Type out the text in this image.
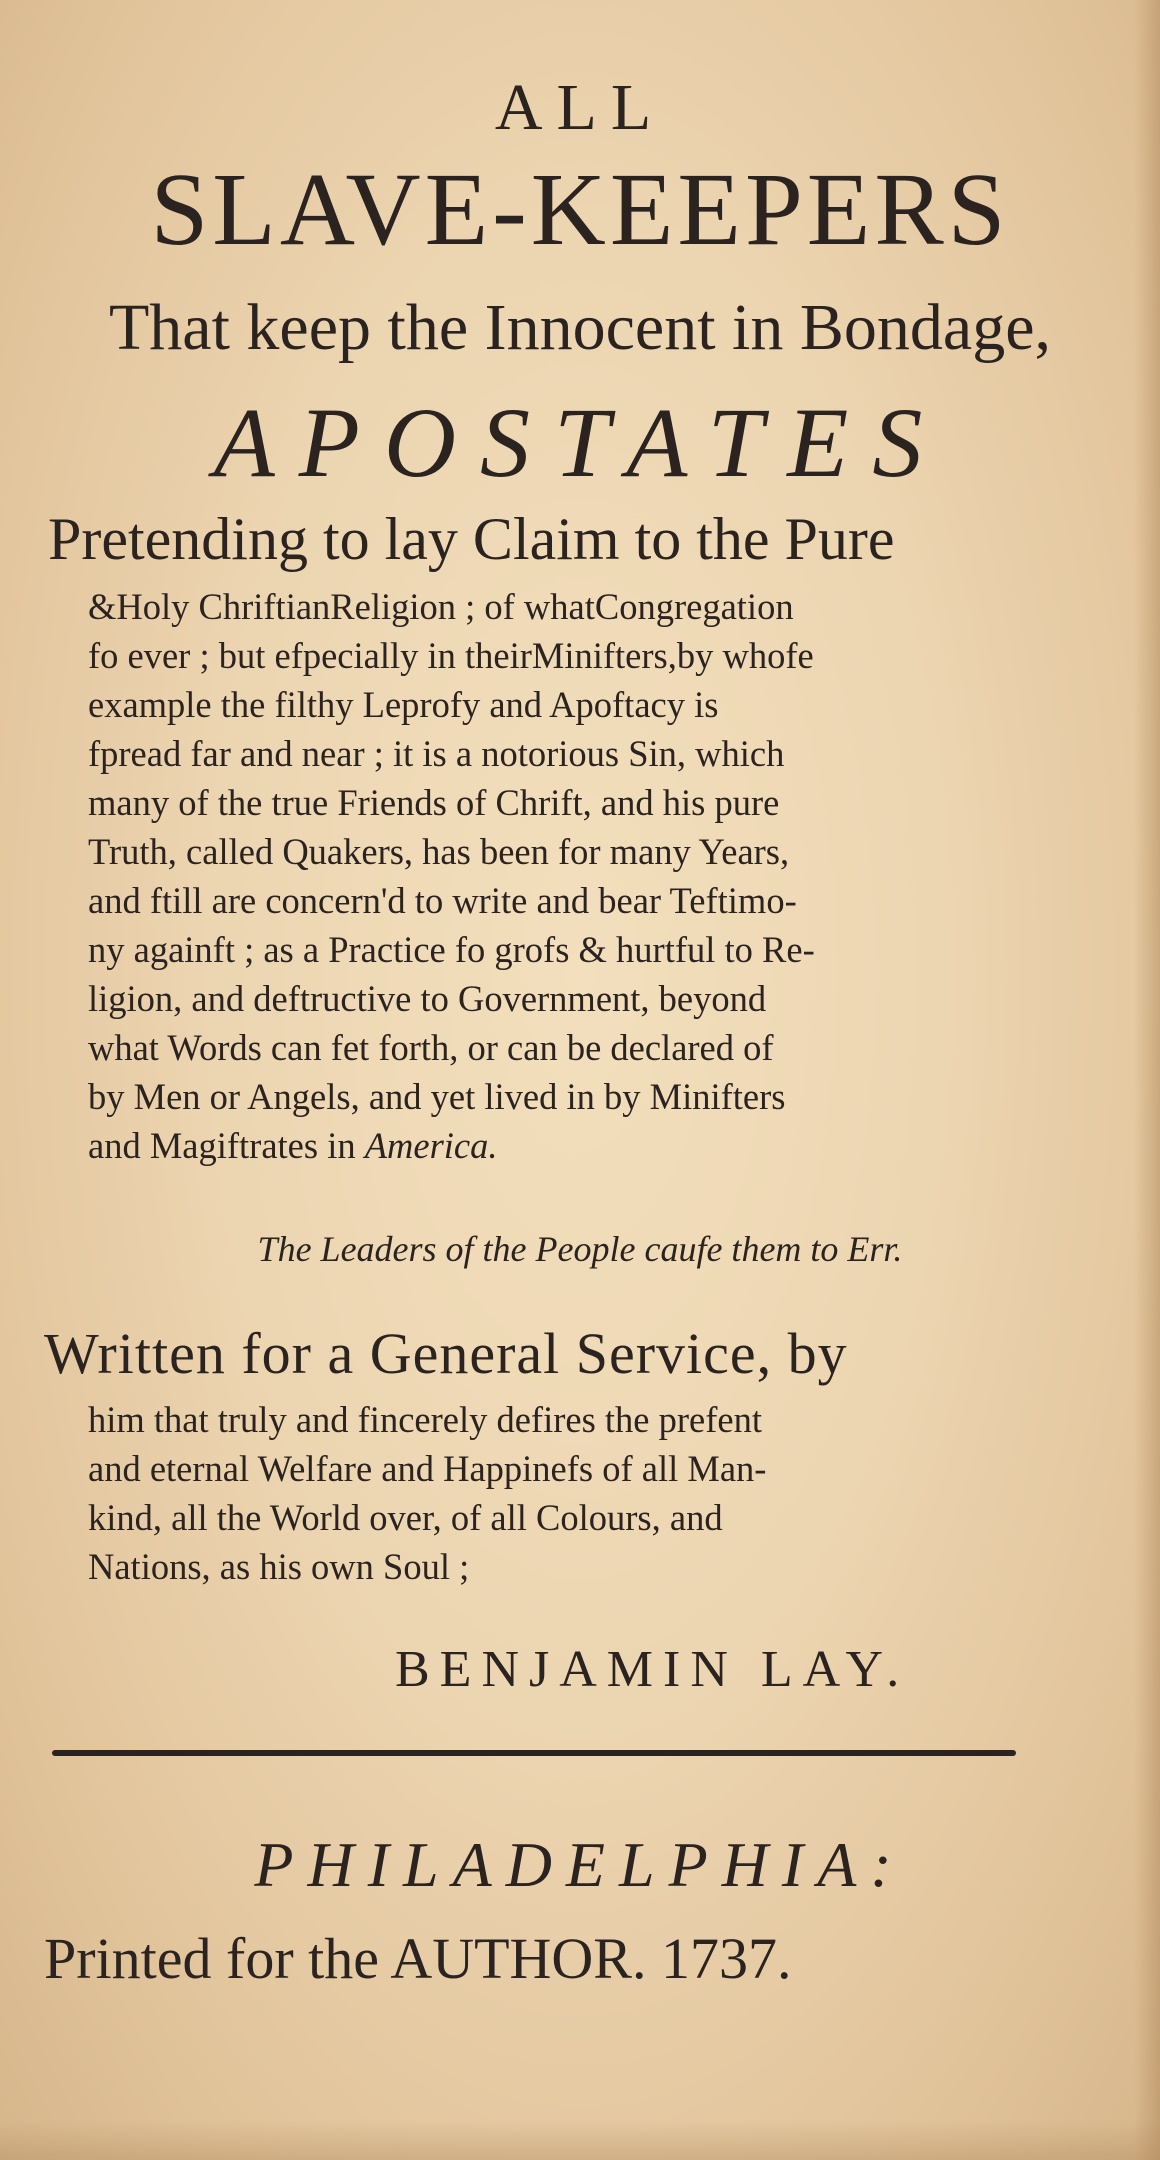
ALL
SLAVE-KEEPERS
That keep the Innocent in Bondage,
APOSTATES
Pretending to lay Claim to the Pure
&Holy ChriftianReligion ; of whatCongregation
fo ever ; but efpecially in theirMinifters,by whofe
example the filthy Leprofy and Apoftacy is
fpread far and near ; it is a notorious Sin, which
many of the true Friends of Chrift, and his pure
Truth, called Quakers, has been for many Years,
and ftill are concern'd to write and bear Teftimo-
ny againft ; as a Practice fo grofs & hurtful to Re-
ligion, and deftructive to Government, beyond
what Words can fet forth, or can be declared of
by Men or Angels, and yet lived in by Minifters
and Magiftrates in America.
The Leaders of the People caufe them to Err.
Written for a General Service, by
him that truly and fincerely defires the prefent
and eternal Welfare and Happinefs of all Man-
kind, all the World over, of all Colours, and
Nations, as his own Soul ;
BENJAMIN LAY.
PHILADELPHIA:
Printed for the AUTHOR. 1737.
